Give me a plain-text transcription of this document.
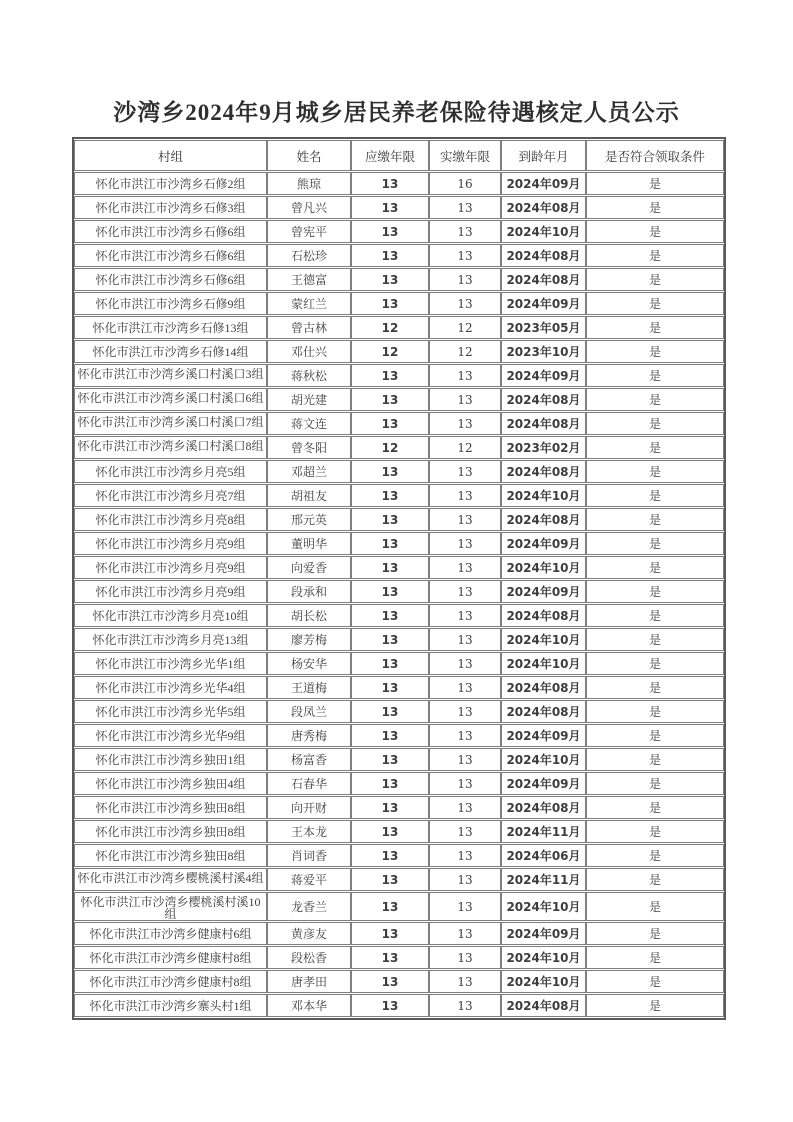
沙湾乡2024年9月城乡居民养老保险待遇核定人员公示
村组	姓名	应缴年限	实缴年限	到龄年月	是否符合领取条件
怀化市洪江市沙湾乡石修2组	熊琼	13	16	2024年09月	是
怀化市洪江市沙湾乡石修3组	曾凡兴	13	13	2024年08月	是
怀化市洪江市沙湾乡石修6组	曾宪平	13	13	2024年10月	是
怀化市洪江市沙湾乡石修6组	石松珍	13	13	2024年08月	是
怀化市洪江市沙湾乡石修6组	王德富	13	13	2024年08月	是
怀化市洪江市沙湾乡石修9组	蒙红兰	13	13	2024年09月	是
怀化市洪江市沙湾乡石修13组	曾古林	12	12	2023年05月	是
怀化市洪江市沙湾乡石修14组	邓仕兴	12	12	2023年10月	是
怀化市洪江市沙湾乡溪口村溪口3组	蒋秋松	13	13	2024年09月	是
怀化市洪江市沙湾乡溪口村溪口6组	胡光建	13	13	2024年08月	是
怀化市洪江市沙湾乡溪口村溪口7组	蒋文连	13	13	2024年08月	是
怀化市洪江市沙湾乡溪口村溪口8组	曾冬阳	12	12	2023年02月	是
怀化市洪江市沙湾乡月亮5组	邓超兰	13	13	2024年08月	是
怀化市洪江市沙湾乡月亮7组	胡祖友	13	13	2024年10月	是
怀化市洪江市沙湾乡月亮8组	邢元英	13	13	2024年08月	是
怀化市洪江市沙湾乡月亮9组	董明华	13	13	2024年09月	是
怀化市洪江市沙湾乡月亮9组	向爱香	13	13	2024年10月	是
怀化市洪江市沙湾乡月亮9组	段承和	13	13	2024年09月	是
怀化市洪江市沙湾乡月亮10组	胡长松	13	13	2024年08月	是
怀化市洪江市沙湾乡月亮13组	廖芳梅	13	13	2024年10月	是
怀化市洪江市沙湾乡光华1组	杨安华	13	13	2024年10月	是
怀化市洪江市沙湾乡光华4组	王道梅	13	13	2024年08月	是
怀化市洪江市沙湾乡光华5组	段凤兰	13	13	2024年08月	是
怀化市洪江市沙湾乡光华9组	唐秀梅	13	13	2024年09月	是
怀化市洪江市沙湾乡独田1组	杨富香	13	13	2024年10月	是
怀化市洪江市沙湾乡独田4组	石春华	13	13	2024年09月	是
怀化市洪江市沙湾乡独田8组	向开财	13	13	2024年08月	是
怀化市洪江市沙湾乡独田8组	王本龙	13	13	2024年11月	是
怀化市洪江市沙湾乡独田8组	肖词香	13	13	2024年06月	是
怀化市洪江市沙湾乡樱桃溪村溪4组	蒋爱平	13	13	2024年11月	是
怀化市洪江市沙湾乡樱桃溪村溪10组	龙香兰	13	13	2024年10月	是
怀化市洪江市沙湾乡健康村6组	黄彦友	13	13	2024年09月	是
怀化市洪江市沙湾乡健康村8组	段松香	13	13	2024年10月	是
怀化市洪江市沙湾乡健康村8组	唐孝田	13	13	2024年10月	是
怀化市洪江市沙湾乡寨头村1组	邓本华	13	13	2024年08月	是
